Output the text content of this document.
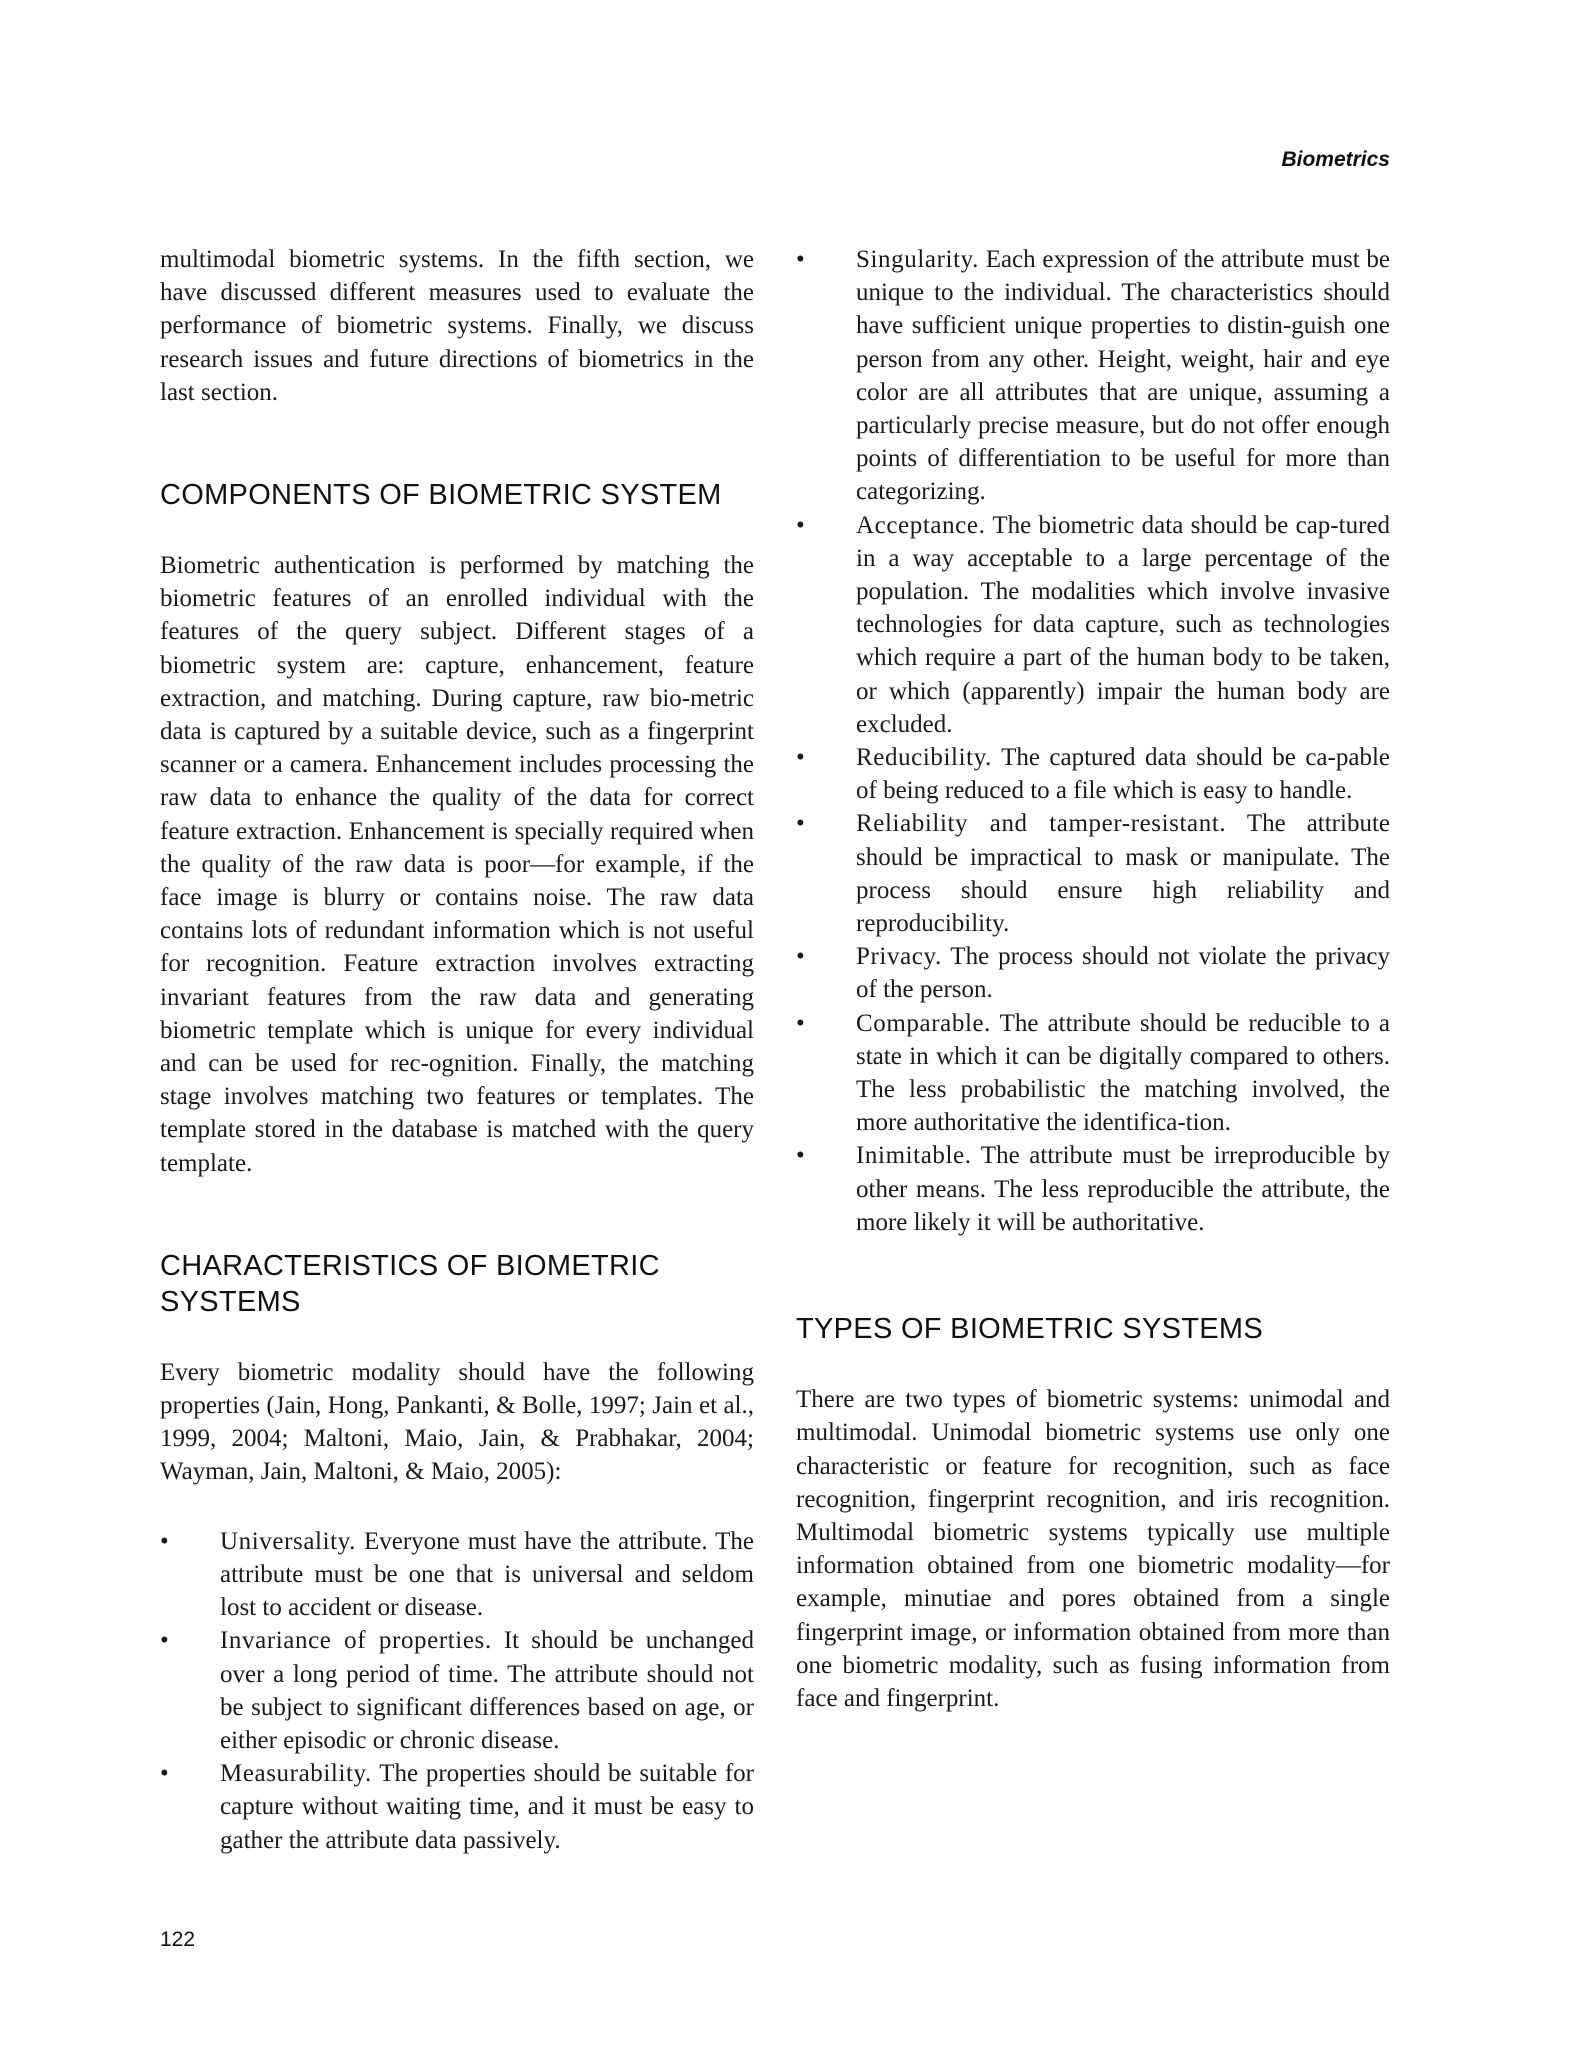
Biometrics

multimodal biometric systems. In the fifth section, we have discussed different measures used to evaluate the performance of biometric systems. Finally, we discuss research issues and future directions of biometrics in the last section.

COMPONENTS OF BIOMETRIC SYSTEM

Biometric authentication is performed by matching the biometric features of an enrolled individual with the features of the query subject. Different stages of a biometric system are: capture, enhancement, feature extraction, and matching. During capture, raw bio-metric data is captured by a suitable device, such as a fingerprint scanner or a camera. Enhancement includes processing the raw data to enhance the quality of the data for correct feature extraction. Enhancement is specially required when the quality of the raw data is poor—for example, if the face image is blurry or contains noise. The raw data contains lots of redundant information which is not useful for recognition. Feature extraction involves extracting invariant features from the raw data and generating biometric template which is unique for every individual and can be used for rec-ognition. Finally, the matching stage involves matching two features or templates. The template stored in the database is matched with the query template.

CHARACTERISTICS OF BIOMETRIC
SYSTEMS

Every biometric modality should have the following properties (Jain, Hong, Pankanti, & Bolle, 1997; Jain et al., 1999, 2004; Maltoni, Maio, Jain, & Prabhakar, 2004; Wayman, Jain, Maltoni, & Maio, 2005):

•	Universality. Everyone must have the attribute. The attribute must be one that is universal and seldom lost to accident or disease.
•	Invariance of properties. It should be unchanged over a long period of time. The attribute should not be subject to significant differences based on age, or either episodic or chronic disease.
•	Measurability. The properties should be suitable for capture without waiting time, and it must be easy to gather the attribute data passively.
•	Singularity. Each expression of the attribute must be unique to the individual. The characteristics should have sufficient unique properties to distin-guish one person from any other. Height, weight, hair and eye color are all attributes that are unique, assuming a particularly precise measure, but do not offer enough points of differentiation to be useful for more than categorizing.
•	Acceptance. The biometric data should be cap-tured in a way acceptable to a large percentage of the population. The modalities which involve invasive technologies for data capture, such as technologies which require a part of the human body to be taken, or which (apparently) impair the human body are excluded.
•	Reducibility. The captured data should be ca-pable of being reduced to a file which is easy to handle.
•	Reliability and tamper-resistant. The attribute should be impractical to mask or manipulate. The process should ensure high reliability and reproducibility.
•	Privacy. The process should not violate the privacy of the person.
•	Comparable. The attribute should be reducible to a state in which it can be digitally compared to others. The less probabilistic the matching involved, the more authoritative the identifica-tion.
•	Inimitable. The attribute must be irreproducible by other means. The less reproducible the attribute, the more likely it will be authoritative.
TYPES OF BIOMETRIC SYSTEMS

There are two types of biometric systems: unimodal and multimodal. Unimodal biometric systems use only one characteristic or feature for recognition, such as face recognition, fingerprint recognition, and iris recognition. Multimodal biometric systems typically use multiple information obtained from one biometric modality—for example, minutiae and pores obtained from a single fingerprint image, or information obtained from more than one biometric modality, such as fusing information from face and fingerprint.

122
